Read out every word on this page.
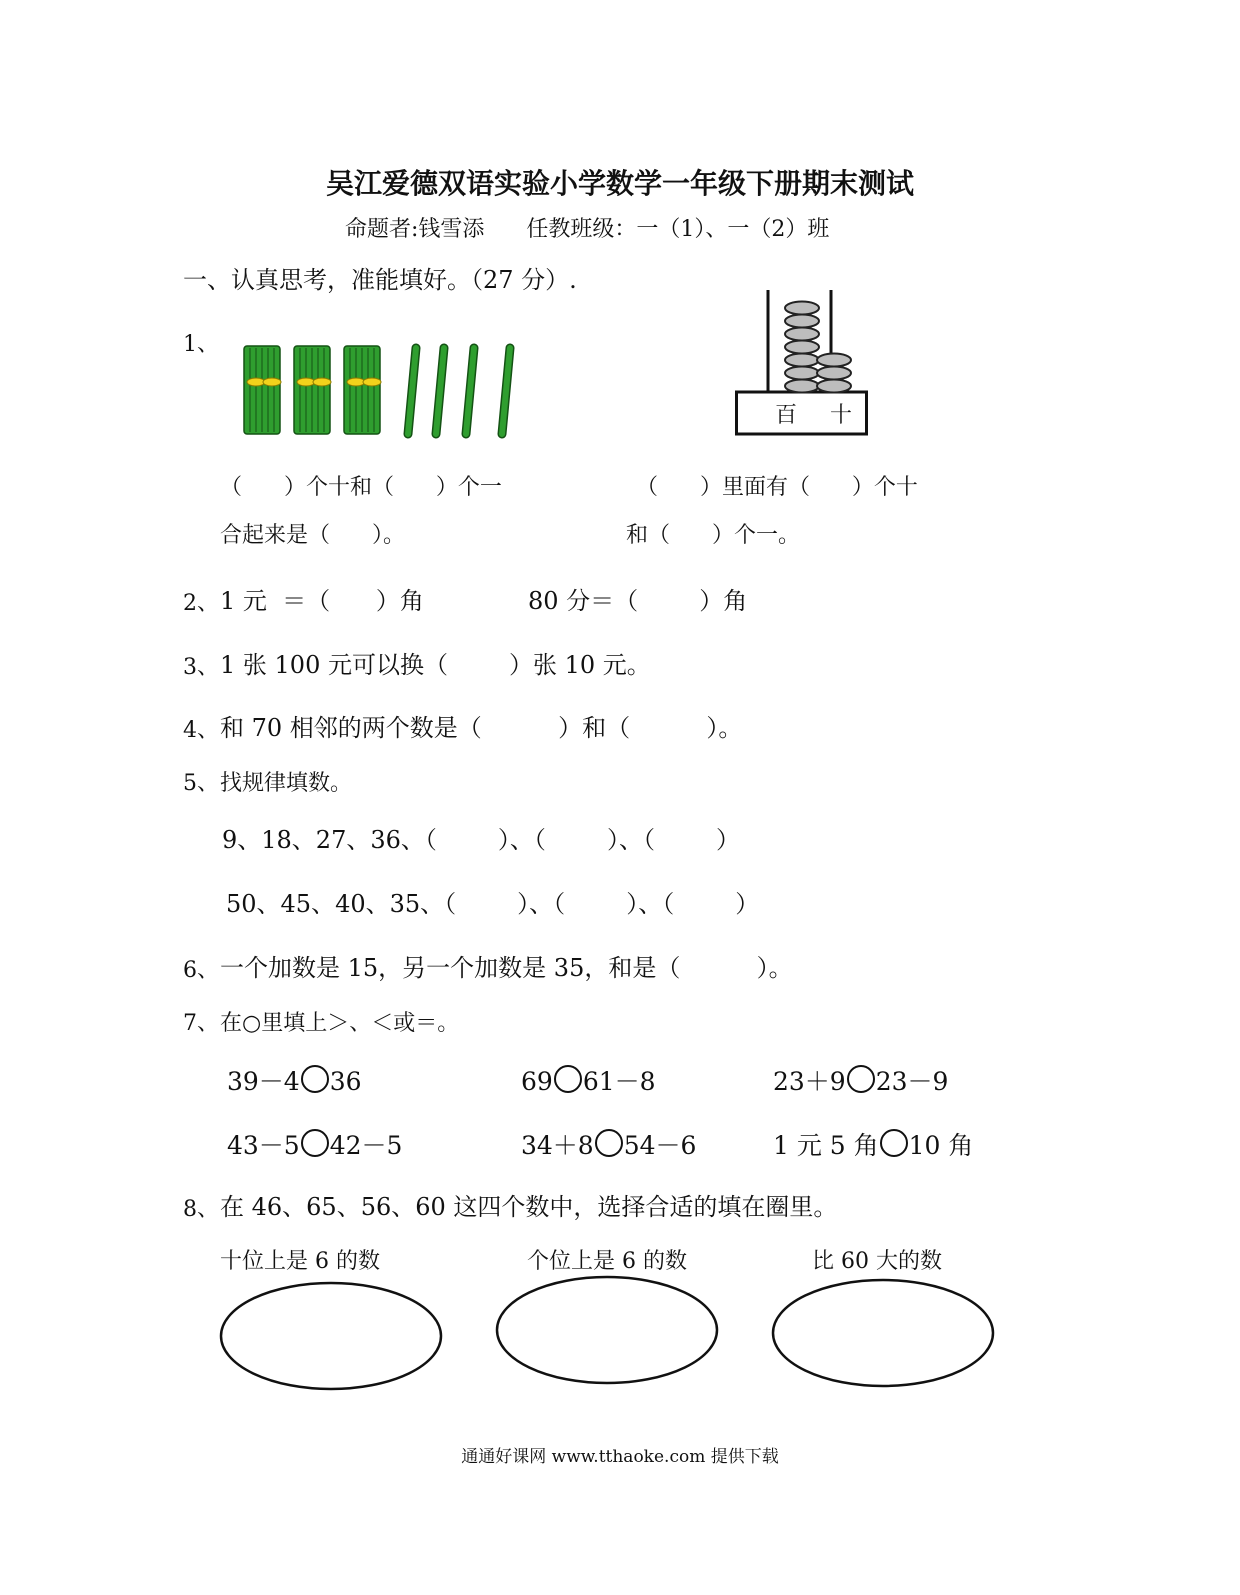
吴江爱德双语实验小学数学一年级下册期末测试
命题者:钱雪添      任教班级：一（1）、一（2）班
一、认真思考，准能填好。（27 分）.
1、
百 十
（      ）个十和（      ）个一
合起来是（      ）。
（      ）里面有（      ）个十
和（      ）个一。
2、 1 元  ＝（      ）角	80 分＝（        ）角
3、 1 张 100 元可以换（        ）张 10 元。
4、 和 70 相邻的两个数是（          ）和（          ）。
5、 找规律填数。
9、18、27、36、（        ）、（        ）、（        ）
50、45、40、35、（        ）、（        ）、（        ）
6、 一个加数是 15，另一个加数是 35，和是（          ）。
7、 在○里填上＞、＜或＝。
39－4 36	69 61－8	23＋9 23－9
43－5 42－5	34＋8 54－6	1 元 5 角 10 角
8、 在 46、65、56、60 这四个数中，选择合适的填在圈里。
十位上是 6 的数	个位上是 6 的数	比 60 大的数
通通好课网 www.tthaoke.com 提供下载
